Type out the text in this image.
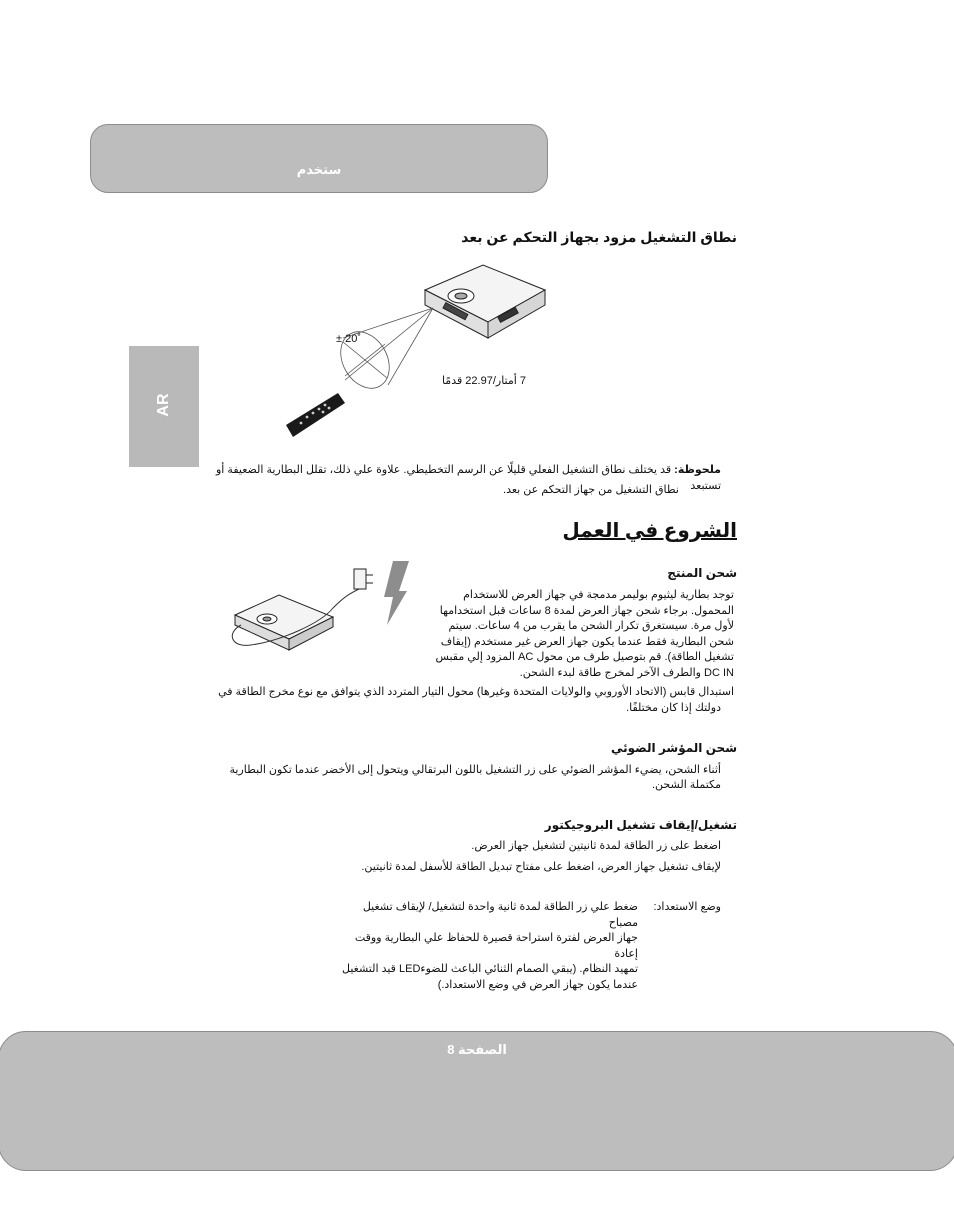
ستخدم
AR
نطاق التشغيل مزود بجهاز التحكم عن بعد
± 20˚
7 أمتار/22.97 قدمًا
ملحوظة: قد يختلف نطاق التشغيل الفعلي قليلًا عن الرسم التخطيطي. علاوة علي ذلك، تقلل البطارية الضعيفة أو تستبعد
نطاق التشغيل من جهاز التحكم عن بعد.
الشروع في العمل
شحن المنتج
توجد بطارية ليثيوم بوليمر مدمجة في جهاز العرض للاستخدام
المحمول. برجاء شحن جهاز العرض لمدة 8 ساعات قبل استخدامها
لأول مرة. سيستغرق تكرار الشحن ما يقرب من 4 ساعات. سيتم
شحن البطارية فقط عندما يكون جهاز العرض غير مستخدم (إيقاف
تشغيل الطاقة). قم بتوصيل طرف من محول AC المزود إلي مقبس
DC IN والطرف الآخر لمخرج طاقة لبدء الشحن.
استبدال قابس (الاتحاد الأوروبي والولايات المتحدة وغيرها) محول التيار المتردد الذي يتوافق مع نوع مخرج الطاقة في
دولتك إذا كان مختلفًا.
شحن المؤشر الضوئي
أثناء الشحن، يضيء المؤشر الضوئي على زر التشغيل باللون البرتقالي ويتحول إلى الأخضر عندما تكون البطارية
مكتملة الشحن.
تشغيل/إيقاف تشغيل البروجيكتور
اضغط على زر الطاقة لمدة ثانيتين لتشغيل جهاز العرض.
لإيقاف تشغيل جهاز العرض، اضغط على مفتاح تبديل الطاقة للأسفل لمدة ثانيتين.
وضع الاستعداد:
ضغط علي زر الطاقة لمدة ثانية واحدة لتشغيل/ لإيقاف تشغيل مصباح
جهاز العرض لفترة استراحة قصيرة للحفاظ علي البطارية ووقت إعادة
تمهيد النظام. (يبقي الصمام الثنائي الباعث للضوءLED قيد التشغيل
عندما يكون جهاز العرض في وضع الاستعداد.)
الصفحة 8
